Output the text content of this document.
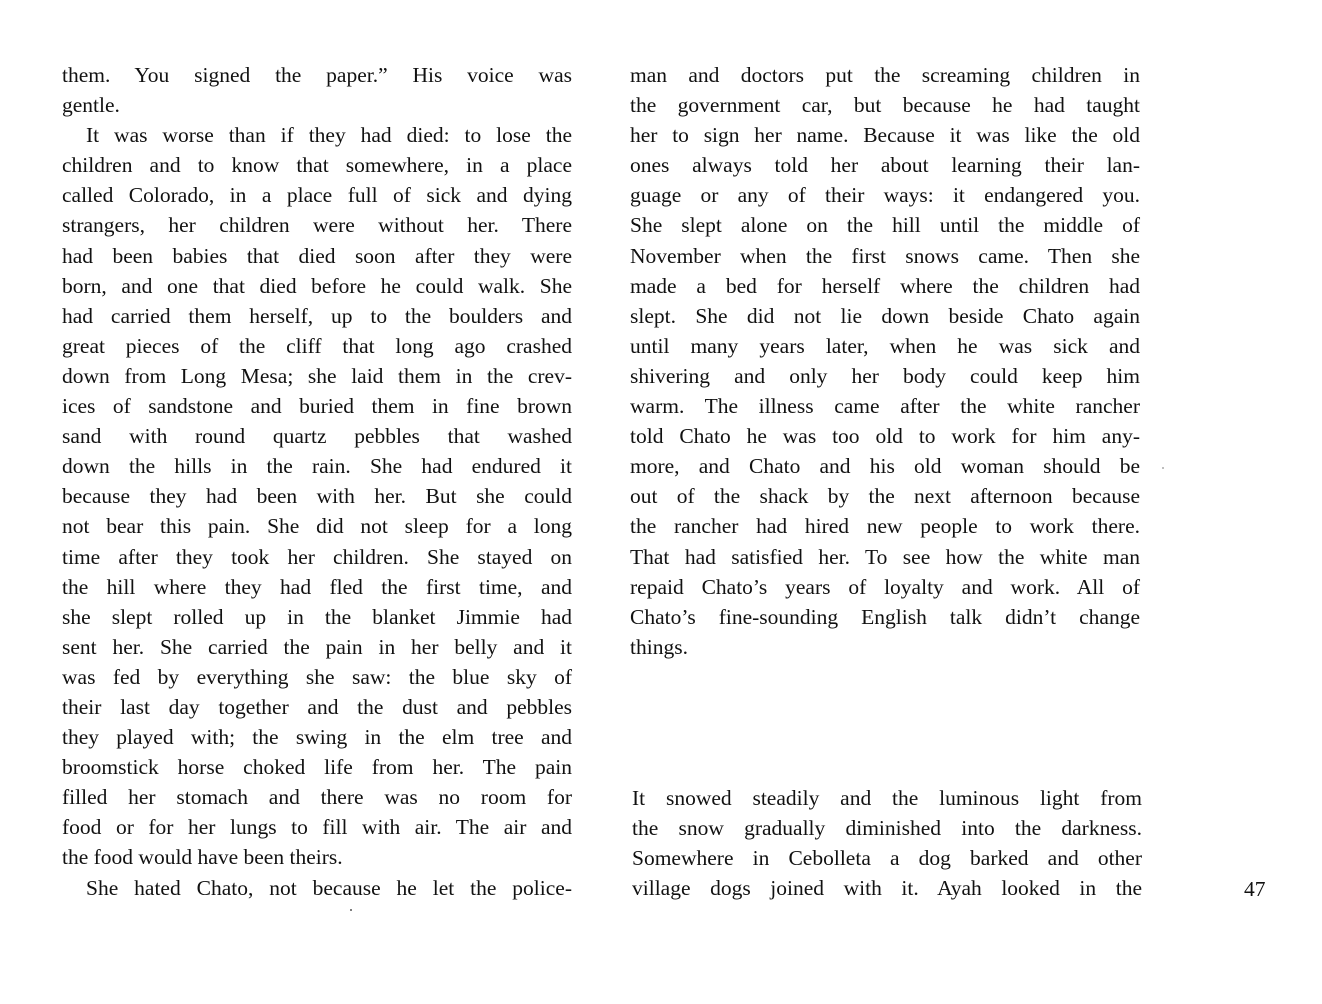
them. You signed the paper.” His voice was
gentle.
It was worse than if they had died: to lose the
children and to know that somewhere, in a place
called Colorado, in a place full of sick and dying
strangers, her children were without her. There
had been babies that died soon after they were
born, and one that died before he could walk. She
had carried them herself, up to the boulders and
great pieces of the cliff that long ago crashed
down from Long Mesa; she laid them in the crev-
ices of sandstone and buried them in fine brown
sand with round quartz pebbles that washed
down the hills in the rain. She had endured it
because they had been with her. But she could
not bear this pain. She did not sleep for a long
time after they took her children. She stayed on
the hill where they had fled the first time, and
she slept rolled up in the blanket Jimmie had
sent her. She carried the pain in her belly and it
was fed by everything she saw: the blue sky of
their last day together and the dust and pebbles
they played with; the swing in the elm tree and
broomstick horse choked life from her. The pain
filled her stomach and there was no room for
food or for her lungs to fill with air. The air and
the food would have been theirs.
She hated Chato, not because he let the police-
man and doctors put the screaming children in
the government car, but because he had taught
her to sign her name. Because it was like the old
ones always told her about learning their lan-
guage or any of their ways: it endangered you.
She slept alone on the hill until the middle of
November when the first snows came. Then she
made a bed for herself where the children had
slept. She did not lie down beside Chato again
until many years later, when he was sick and
shivering and only her body could keep him
warm. The illness came after the white rancher
told Chato he was too old to work for him any-
more, and Chato and his old woman should be
out of the shack by the next afternoon because
the rancher had hired new people to work there.
That had satisfied her. To see how the white man
repaid Chato’s years of loyalty and work. All of
Chato’s fine-sounding English talk didn’t change
things.
It snowed steadily and the luminous light from
the snow gradually diminished into the darkness.
Somewhere in Cebolleta a dog barked and other
village dogs joined with it. Ayah looked in the	47
